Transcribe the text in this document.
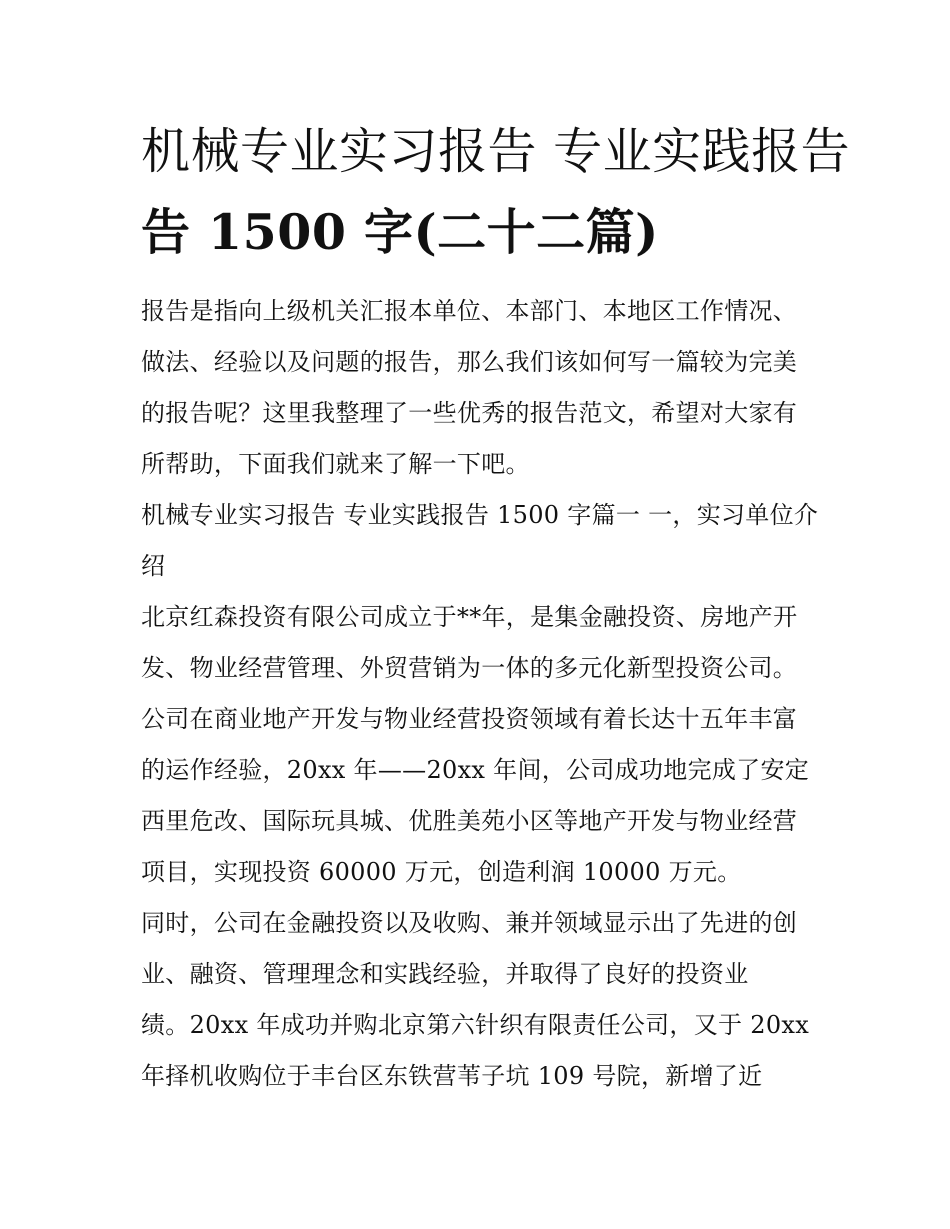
机械专业实习报告 专业实践报告
告 1500 字(二十二篇)

报告是指向上级机关汇报本单位、本部门、本地区工作情况、
做法、经验以及问题的报告，那么我们该如何写一篇较为完美
的报告呢？这里我整理了一些优秀的报告范文，希望对大家有
所帮助，下面我们就来了解一下吧。

机械专业实习报告 专业实践报告 1500 字篇一 一，实习单位介
绍

北京红森投资有限公司成立于**年，是集金融投资、房地产开
发、物业经营管理、外贸营销为一体的多元化新型投资公司。
公司在商业地产开发与物业经营投资领域有着长达十五年丰富
的运作经验，20xx 年——20xx 年间，公司成功地完成了安定
西里危改、国际玩具城、优胜美苑小区等地产开发与物业经营
项目，实现投资 60000 万元，创造利润 10000 万元。

同时，公司在金融投资以及收购、兼并领域显示出了先进的创
业、融资、管理理念和实践经验，并取得了良好的投资业
绩。20xx 年成功并购北京第六针织有限责任公司，又于 20xx
年择机收购位于丰台区东铁营苇子坑 109 号院，新增了近
